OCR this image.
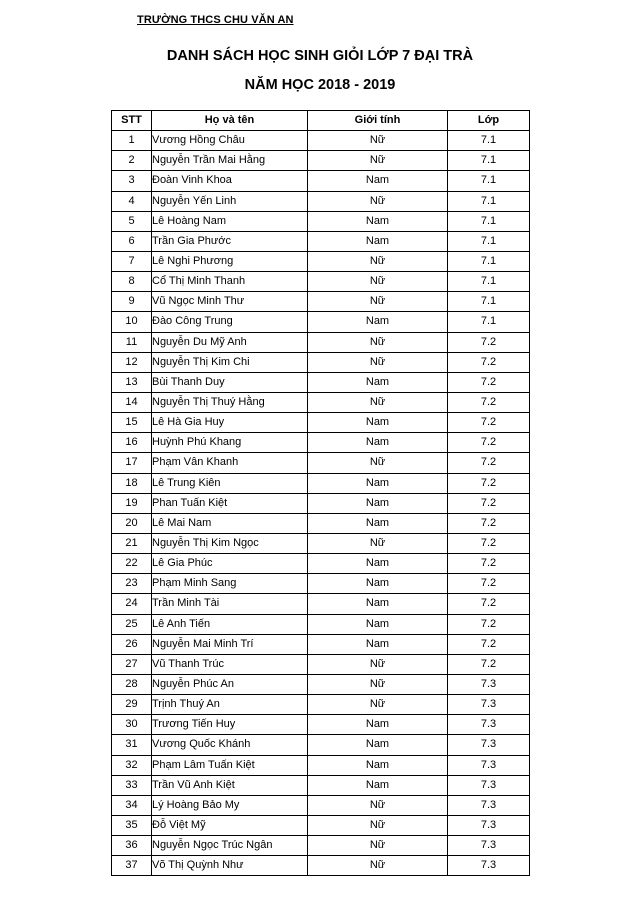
TRƯỜNG THCS CHU VĂN AN
DANH SÁCH HỌC SINH GIỎI LỚP 7 ĐẠI TRÀ
NĂM HỌC 2018 - 2019
STT	Họ và tên	Giới tính	Lớp
1	Vương Hồng Châu	Nữ	7.1
2	Nguyễn Trần Mai Hằng	Nữ	7.1
3	Đoàn Vinh Khoa	Nam	7.1
4	Nguyễn Yến Linh	Nữ	7.1
5	Lê Hoàng Nam	Nam	7.1
6	Trần Gia Phước	Nam	7.1
7	Lê Nghi Phương	Nữ	7.1
8	Cổ Thị Minh Thanh	Nữ	7.1
9	Vũ Ngọc Minh Thư	Nữ	7.1
10	Đào Công Trung	Nam	7.1
11	Nguyễn Du Mỹ Anh	Nữ	7.2
12	Nguyễn Thị Kim Chi	Nữ	7.2
13	Bùi Thanh Duy	Nam	7.2
14	Nguyễn Thị Thuý Hằng	Nữ	7.2
15	Lê Hà Gia Huy	Nam	7.2
16	Huỳnh Phú Khang	Nam	7.2
17	Phạm Vân Khanh	Nữ	7.2
18	Lê Trung Kiên	Nam	7.2
19	Phan Tuấn Kiệt	Nam	7.2
20	Lê Mai Nam	Nam	7.2
21	Nguyễn Thị Kim Ngọc	Nữ	7.2
22	Lê Gia Phúc	Nam	7.2
23	Phạm Minh Sang	Nam	7.2
24	Trần Minh Tài	Nam	7.2
25	Lê Anh Tiến	Nam	7.2
26	Nguyễn Mai Minh Trí	Nam	7.2
27	Vũ Thanh Trúc	Nữ	7.2
28	Nguyễn Phúc An	Nữ	7.3
29	Trịnh Thuý An	Nữ	7.3
30	Trương Tiến Huy	Nam	7.3
31	Vương Quốc Khánh	Nam	7.3
32	Phạm Lâm Tuấn Kiệt	Nam	7.3
33	Trần Vũ Anh Kiệt	Nam	7.3
34	Lý Hoàng Bảo My	Nữ	7.3
35	Đỗ Việt Mỹ	Nữ	7.3
36	Nguyễn Ngọc Trúc Ngân	Nữ	7.3
37	Võ Thị Quỳnh Như	Nữ	7.3
